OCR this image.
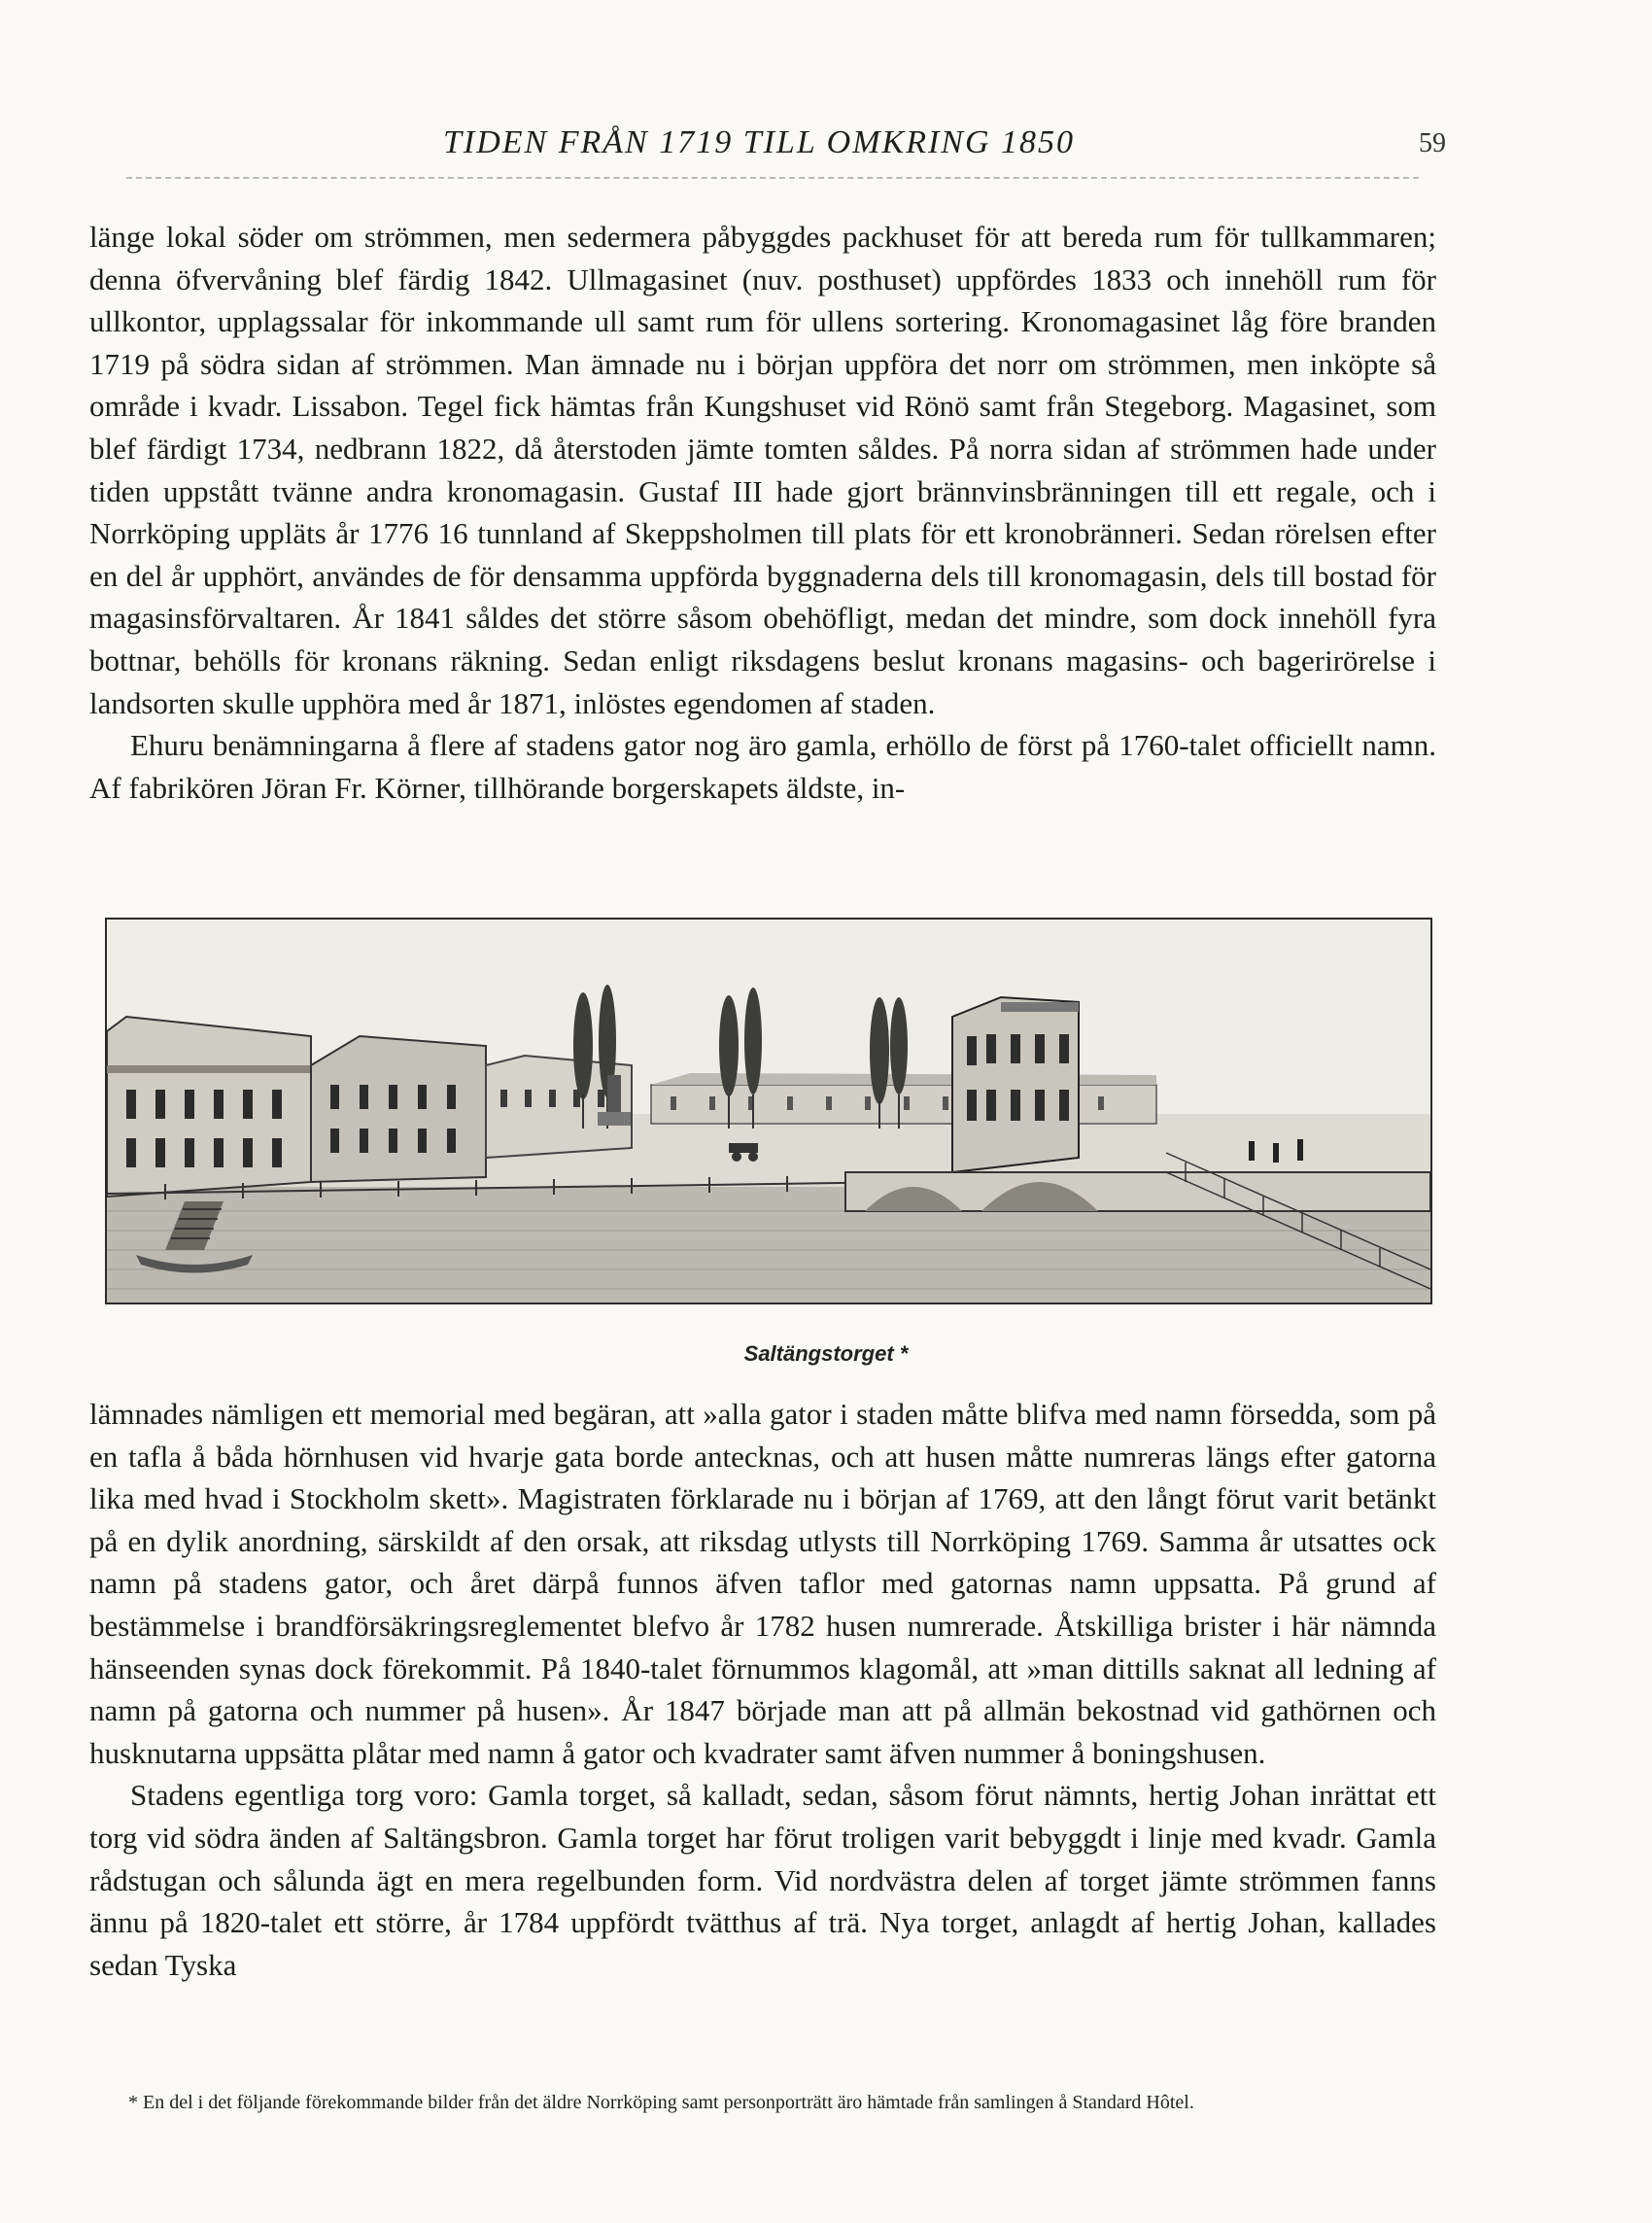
TIDEN FRÅN 1719 TILL OMKRING 1850	59

länge lokal söder om strömmen, men sedermera påbyggdes packhuset för att bereda rum för tullkammaren; denna öfvervåning blef färdig 1842. Ullmagasinet (nuv. posthuset) uppfördes 1833 och innehöll rum för ullkontor, upplagssalar för inkommande ull samt rum för ullens sortering. Kronomagasinet låg före branden 1719 på södra sidan af strömmen. Man ämnade nu i början uppföra det norr om strömmen, men inköpte så område i kvadr. Lissabon. Tegel fick hämtas från Kungshuset vid Rönö samt från Stegeborg. Magasinet, som blef färdigt 1734, nedbrann 1822, då återstoden jämte tomten såldes. På norra sidan af strömmen hade under tiden uppstått tvänne andra kronomagasin. Gustaf III hade gjort brännvinsbränningen till ett regale, och i Norrköping uppläts år 1776 16 tunnland af Skeppsholmen till plats för ett kronobränneri. Sedan rörelsen efter en del år upphört, användes de för densamma uppförda byggnaderna dels till kronomagasin, dels till bostad för magasinsförvaltaren. År 1841 såldes det större såsom obehöfligt, medan det mindre, som dock innehöll fyra bottnar, behölls för kronans räkning. Sedan enligt riksdagens beslut kronans magasins- och bagerirörelse i landsorten skulle upphöra med år 1871, inlöstes egendomen af staden.

Ehuru benämningarna å flere af stadens gator nog äro gamla, erhöllo de först på 1760-talet officiellt namn. Af fabrikören Jöran Fr. Körner, tillhörande borgerskapets äldste, in-

Saltängstorget *

lämnades nämligen ett memorial med begäran, att »alla gator i staden måtte blifva med namn försedda, som på en tafla å båda hörnhusen vid hvarje gata borde antecknas, och att husen måtte numreras längs efter gatorna lika med hvad i Stockholm skett». Magistraten förklarade nu i början af 1769, att den långt förut varit betänkt på en dylik anordning, särskildt af den orsak, att riksdag utlysts till Norrköping 1769. Samma år utsattes ock namn på stadens gator, och året därpå funnos äfven taflor med gatornas namn uppsatta. På grund af bestämmelse i brandförsäkringsreglementet blefvo år 1782 husen numrerade. Åtskilliga brister i här nämnda hänseenden synas dock förekommit. På 1840-talet förnummos klagomål, att »man dittills saknat all ledning af namn på gatorna och nummer på husen». År 1847 började man att på allmän bekostnad vid gathörnen och husknutarna uppsätta plåtar med namn å gator och kvadrater samt äfven nummer å boningshusen.

Stadens egentliga torg voro: Gamla torget, så kalladt, sedan, såsom förut nämnts, hertig Johan inrättat ett torg vid södra änden af Saltängsbron. Gamla torget har förut troligen varit bebyggdt i linje med kvadr. Gamla rådstugan och sålunda ägt en mera regelbunden form. Vid nordvästra delen af torget jämte strömmen fanns ännu på 1820-talet ett större, år 1784 uppfördt tvätthus af trä. Nya torget, anlagdt af hertig Johan, kallades sedan Tyska

* En del i det följande förekommande bilder från det äldre Norrköping samt personporträtt äro hämtade från samlingen å Standard Hôtel.
